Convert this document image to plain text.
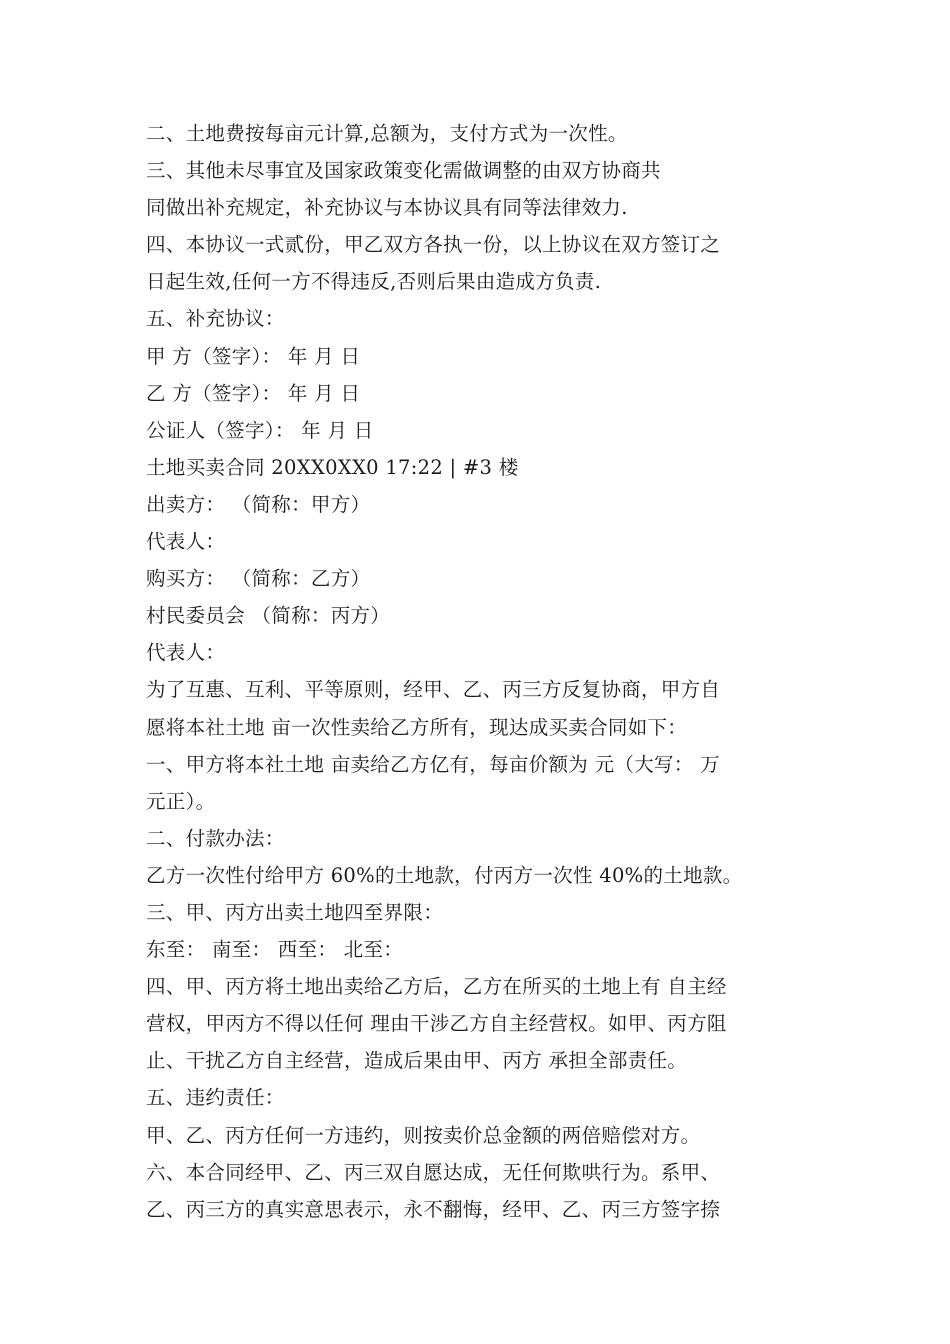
二、土地费按每亩元计算,总额为，支付方式为一次性。
三、其他未尽事宜及国家政策变化需做调整的由双方协商共
同做出补充规定，补充协议与本协议具有同等法律效力.
四、本协议一式贰份，甲乙双方各执一份，以上协议在双方签订之
日起生效,任何一方不得违反,否则后果由造成方负责.
五、补充协议：
甲 方（签字）： 年 月 日
乙 方（签字）： 年 月 日
公证人（签字）： 年 月 日
土地买卖合同 20XX0XX0 17:22 | #3 楼
出卖方： （简称：甲方）
代表人：
购买方： （简称：乙方）
村民委员会 （简称：丙方）
代表人：
为了互惠、互利、平等原则，经甲、乙、丙三方反复协商，甲方自
愿将本社土地 亩一次性卖给乙方所有，现达成买卖合同如下：
一、甲方将本社土地 亩卖给乙方亿有，每亩价额为 元（大写： 万
元正）。
二、付款办法：
乙方一次性付给甲方 60%的土地款，付丙方一次性 40%的土地款。
三、甲、丙方出卖土地四至界限：
东至： 南至： 西至： 北至：
四、甲、丙方将土地出卖给乙方后，乙方在所买的土地上有 自主经
营权，甲丙方不得以任何 理由干涉乙方自主经营权。如甲、丙方阻
止、干扰乙方自主经营，造成后果由甲、丙方 承担全部责任。
五、违约责任：
甲、乙、丙方任何一方违约，则按卖价总金额的两倍赔偿对方。
六、本合同经甲、乙、丙三双自愿达成，无任何欺哄行为。系甲、
乙、丙三方的真实意思表示，永不翻悔，经甲、乙、丙三方签字捺
